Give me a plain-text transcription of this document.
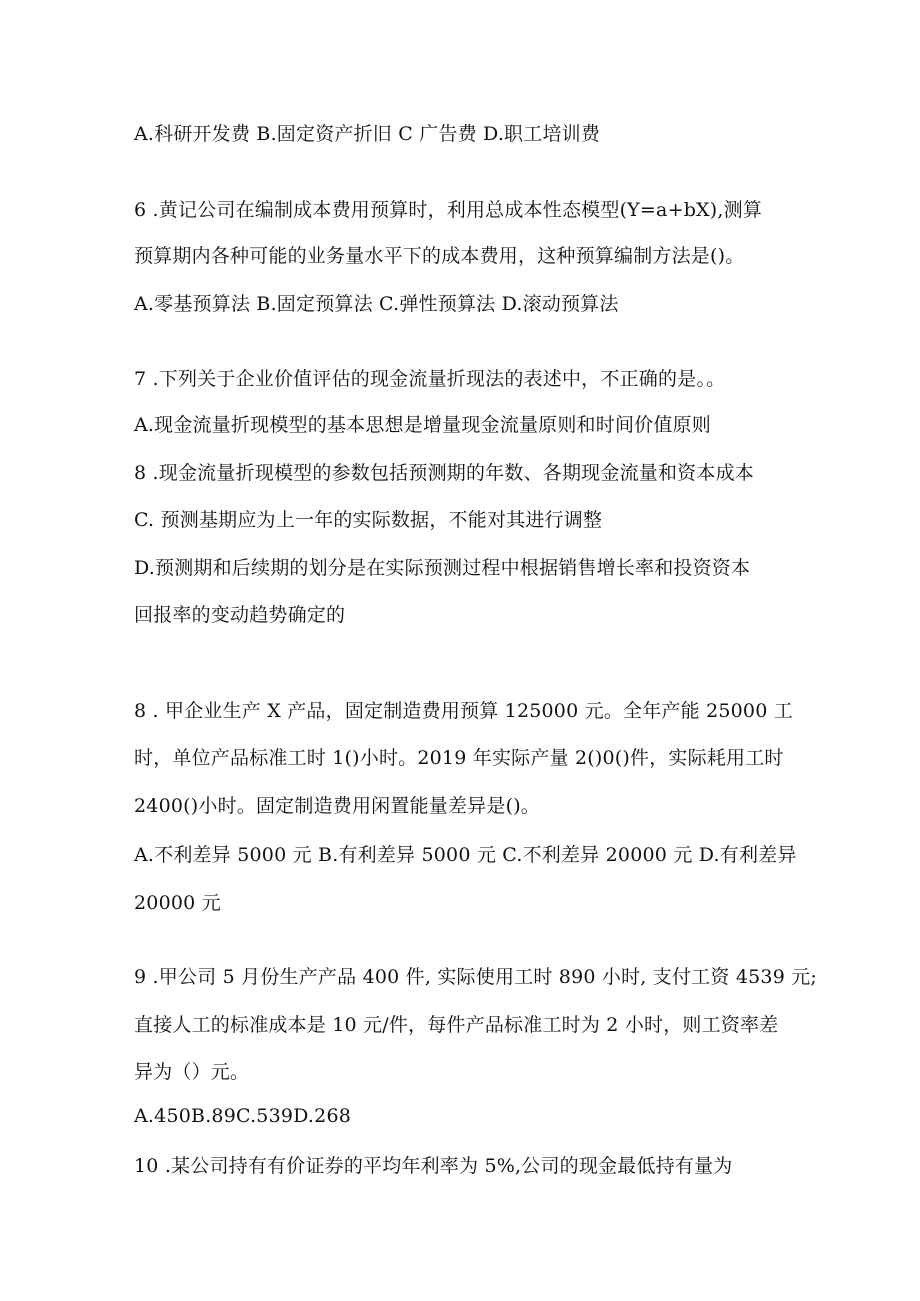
A.科研开发费 B.固定资产折旧 C 广告费 D.职工培训费
6 .黄记公司在编制成本费用预算时，利用总成本性态模型(Y=a+bX),测算
预算期内各种可能的业务量水平下的成本费用，这种预算编制方法是()。
A.零基预算法 B.固定预算法 C.弹性预算法 D.滚动预算法
7 .下列关于企业价值评估的现金流量折现法的表述中，不正确的是。。
A.现金流量折现模型的基本思想是增量现金流量原则和时间价值原则
8 .现金流量折现模型的参数包括预测期的年数、各期现金流量和资本成本
C. 预测基期应为上一年的实际数据，不能对其进行调整
D.预测期和后续期的划分是在实际预测过程中根据销售增长率和投资资本
回报率的变动趋势确定的
8 . 甲企业生产 X 产品，固定制造费用预算 125000 元。全年产能 25000 工
时，单位产品标准工时 1()小时。2019 年实际产量 2()0()件，实际耗用工时
2400()小时。固定制造费用闲置能量差异是()。
A.不利差异 5000 元 B.有利差异 5000 元 C.不利差异 20000 元 D.有利差异
20000 元
9 .甲公司 5 月份生产产品 400 件, 实际使用工时 890 小时, 支付工资 4539 元;
直接人工的标准成本是 10 元/件，每件产品标准工时为 2 小时，则工资率差
异为（）元。
A.450B.89C.539D.268
10 .某公司持有有价证券的平均年利率为 5%,公司的现金最低持有量为
